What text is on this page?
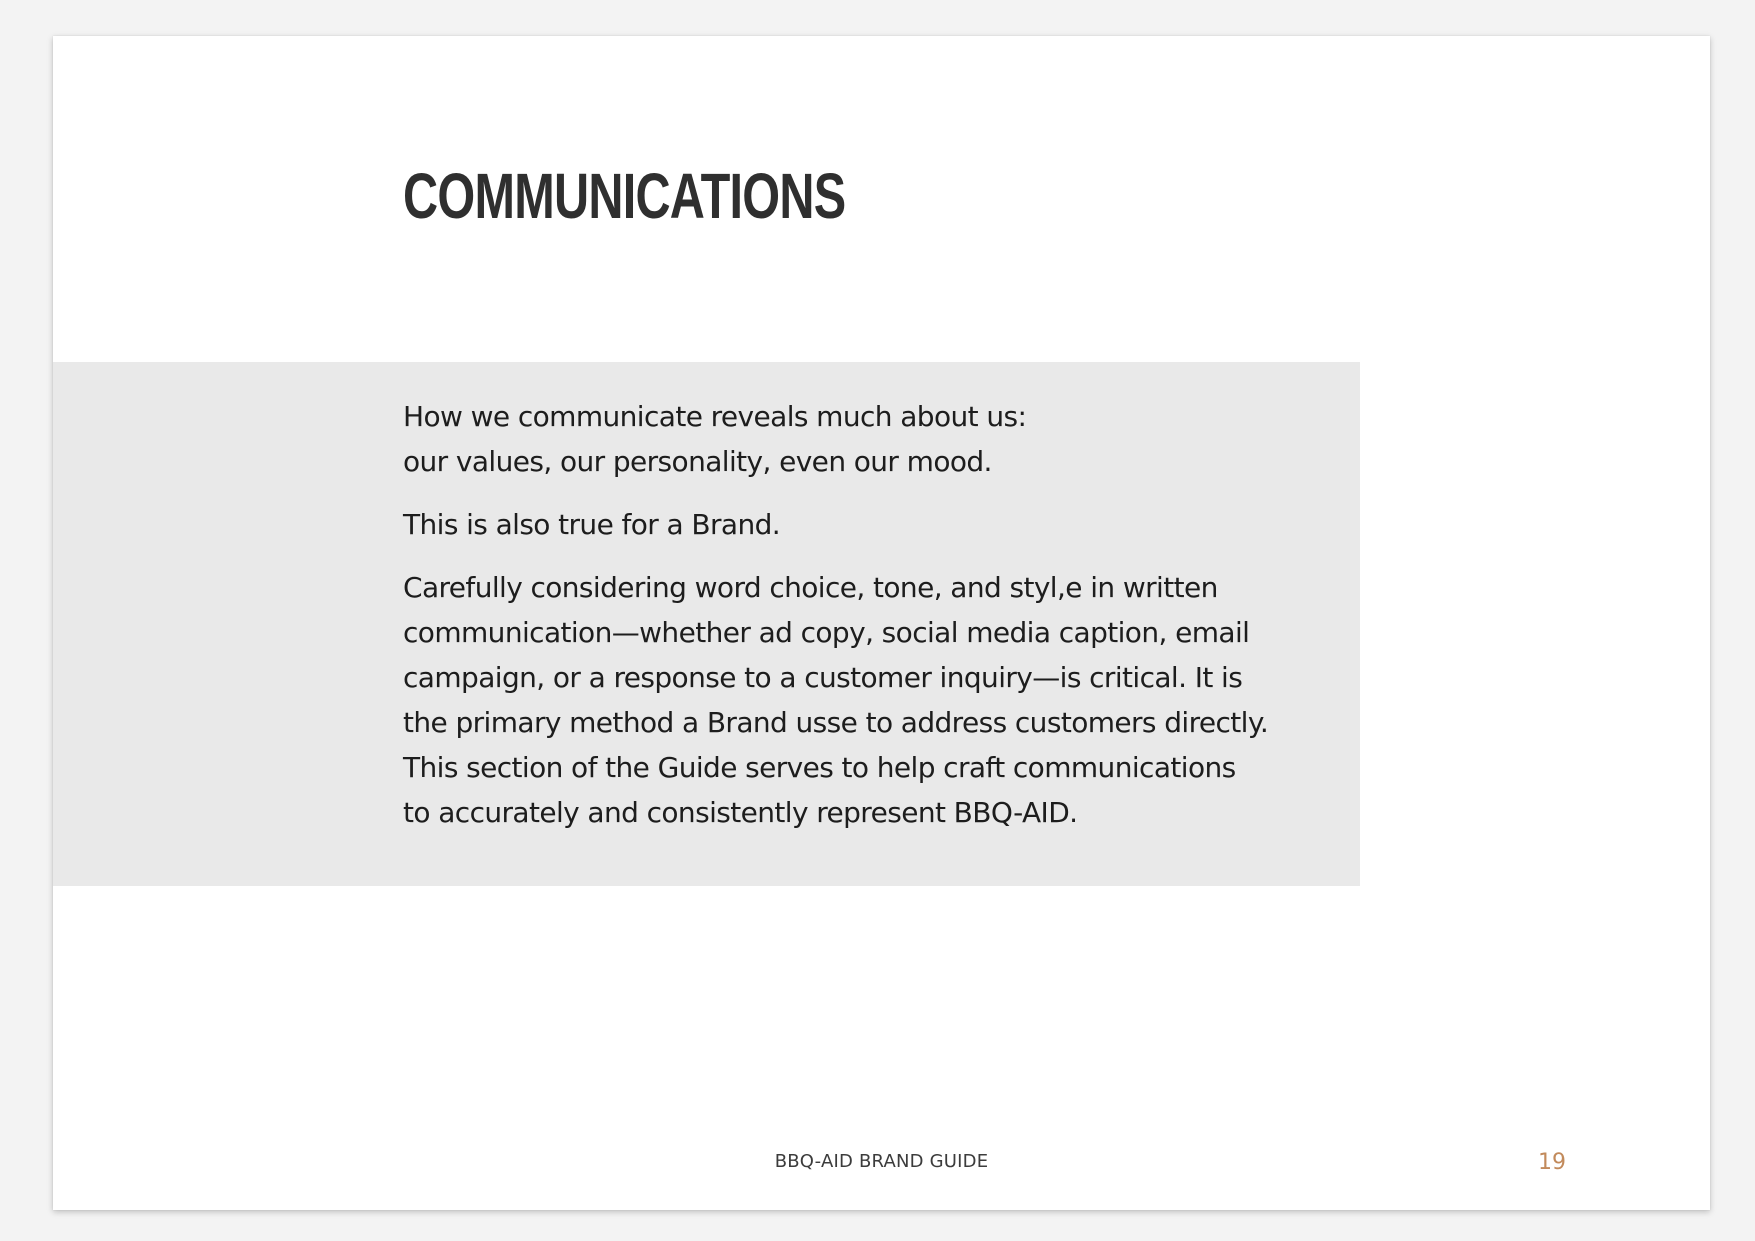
COMMUNICATIONS

How we communicate reveals much about us:

our values, our personality, even our mood.

This is also true for a Brand.

Carefully considering word choice, tone, and styl,e in written

communication—whether ad copy, social media caption, email

campaign, or a response to a customer inquiry—is critical. It is

the primary method a Brand usse to address customers directly.

This section of the Guide serves to help craft communications

to accurately and consistently represent BBQ-AID.

BBQ-AID BRAND GUIDE	19
